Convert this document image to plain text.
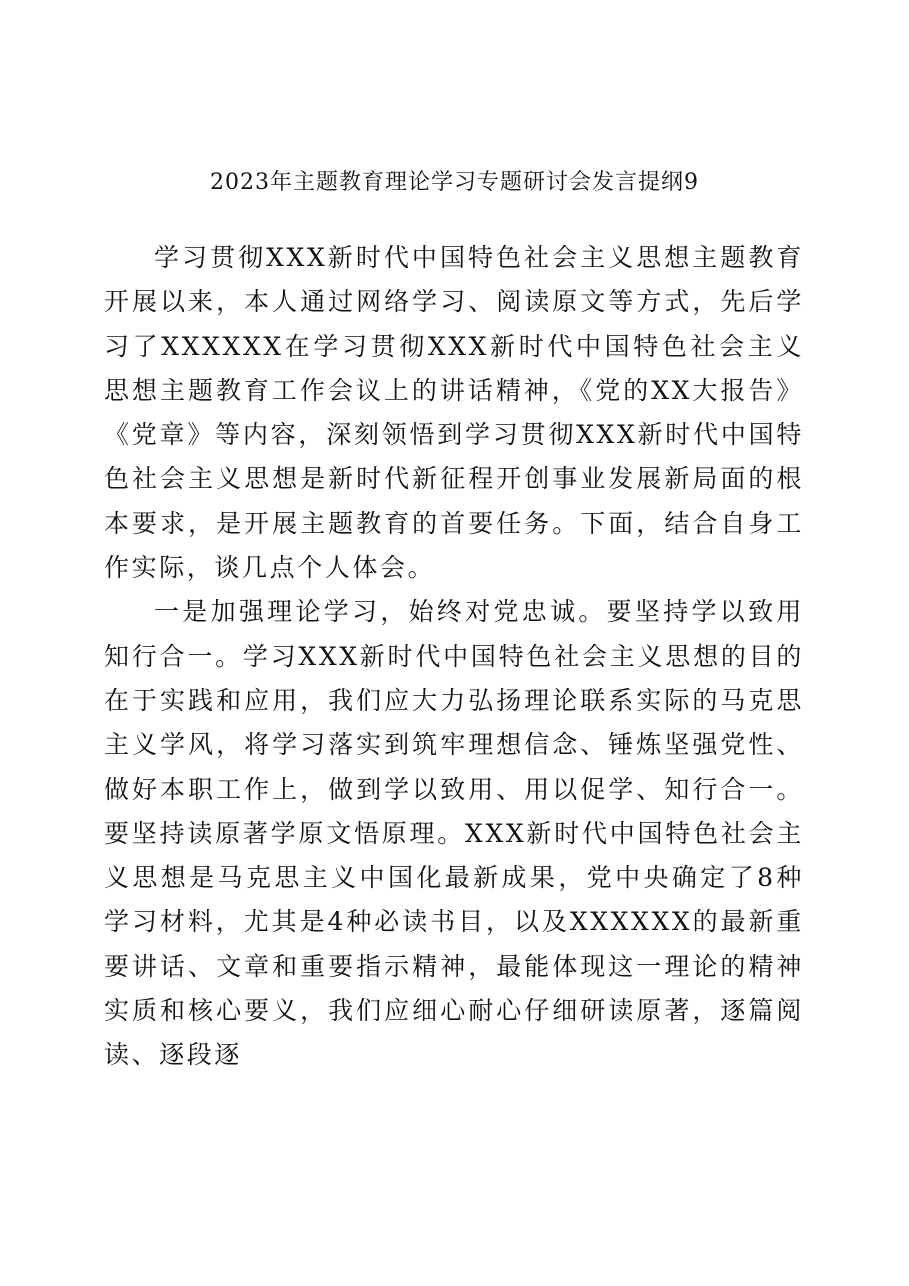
2023年主题教育理论学习专题研讨会发言提纲9

学习贯彻XXX新时代中国特色社会主义思想主题教育开展以来，本人通过网络学习、阅读原文等方式，先后学习了XXXXXX在学习贯彻XXX新时代中国特色社会主义思想主题教育工作会议上的讲话精神，《党的XX大报告》《党章》等内容，深刻领悟到学习贯彻XXX新时代中国特色社会主义思想是新时代新征程开创事业发展新局面的根本要求，是开展主题教育的首要任务。下面，结合自身工作实际，谈几点个人体会。

一是加强理论学习，始终对党忠诚。要坚持学以致用知行合一。学习XXX新时代中国特色社会主义思想的目的在于实践和应用，我们应大力弘扬理论联系实际的马克思主义学风，将学习落实到筑牢理想信念、锤炼坚强党性、做好本职工作上，做到学以致用、用以促学、知行合一。要坚持读原著学原文悟原理。XXX新时代中国特色社会主义思想是马克思主义中国化最新成果，党中央确定了8种学习材料，尤其是4种必读书目，以及XXXXXX的最新重要讲话、文章和重要指示精神，最能体现这一理论的精神实质和核心要义，我们应细心耐心仔细研读原著，逐篇阅读、逐段逐
